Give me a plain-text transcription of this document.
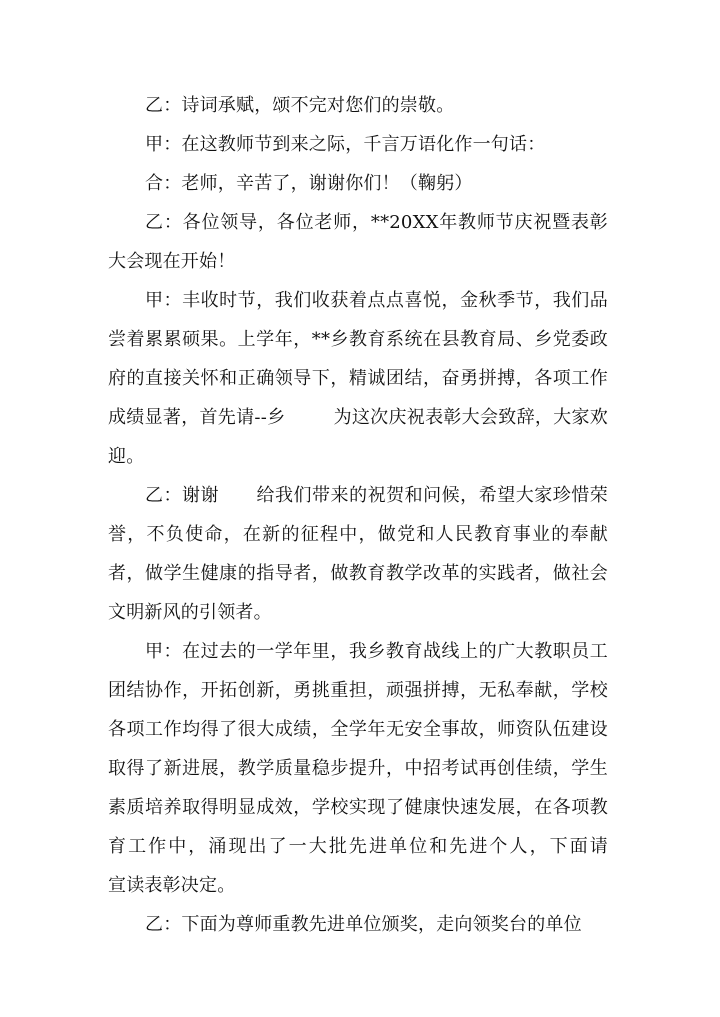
乙：诗词承赋，颂不完对您们的崇敬。

甲：在这教师节到来之际，千言万语化作一句话：

合：老师，辛苦了，谢谢你们！（鞠躬）

乙：各位领导，各位老师，**20XX年教师节庆祝暨表彰大会现在开始！

甲：丰收时节，我们收获着点点喜悦，金秋季节，我们品尝着累累硕果。上学年，**乡教育系统在县教育局、乡党委政府的直接关怀和正确领导下，精诚团结，奋勇拼搏，各项工作成绩显著，首先请--乡        为这次庆祝表彰大会致辞，大家欢迎。

乙：谢谢      给我们带来的祝贺和问候，希望大家珍惜荣誉，不负使命，在新的征程中，做党和人民教育事业的奉献者，做学生健康的指导者，做教育教学改革的实践者，做社会文明新风的引领者。

甲：在过去的一学年里，我乡教育战线上的广大教职员工团结协作，开拓创新，勇挑重担，顽强拼搏，无私奉献，学校各项工作均得了很大成绩，全学年无安全事故，师资队伍建设取得了新进展，教学质量稳步提升，中招考试再创佳绩，学生素质培养取得明显成效，学校实现了健康快速发展，在各项教育工作中，涌现出了一大批先进单位和先进个人，下面请          宣读表彰决定。

乙：下面为尊师重教先进单位颁奖，走向领奖台的单位
